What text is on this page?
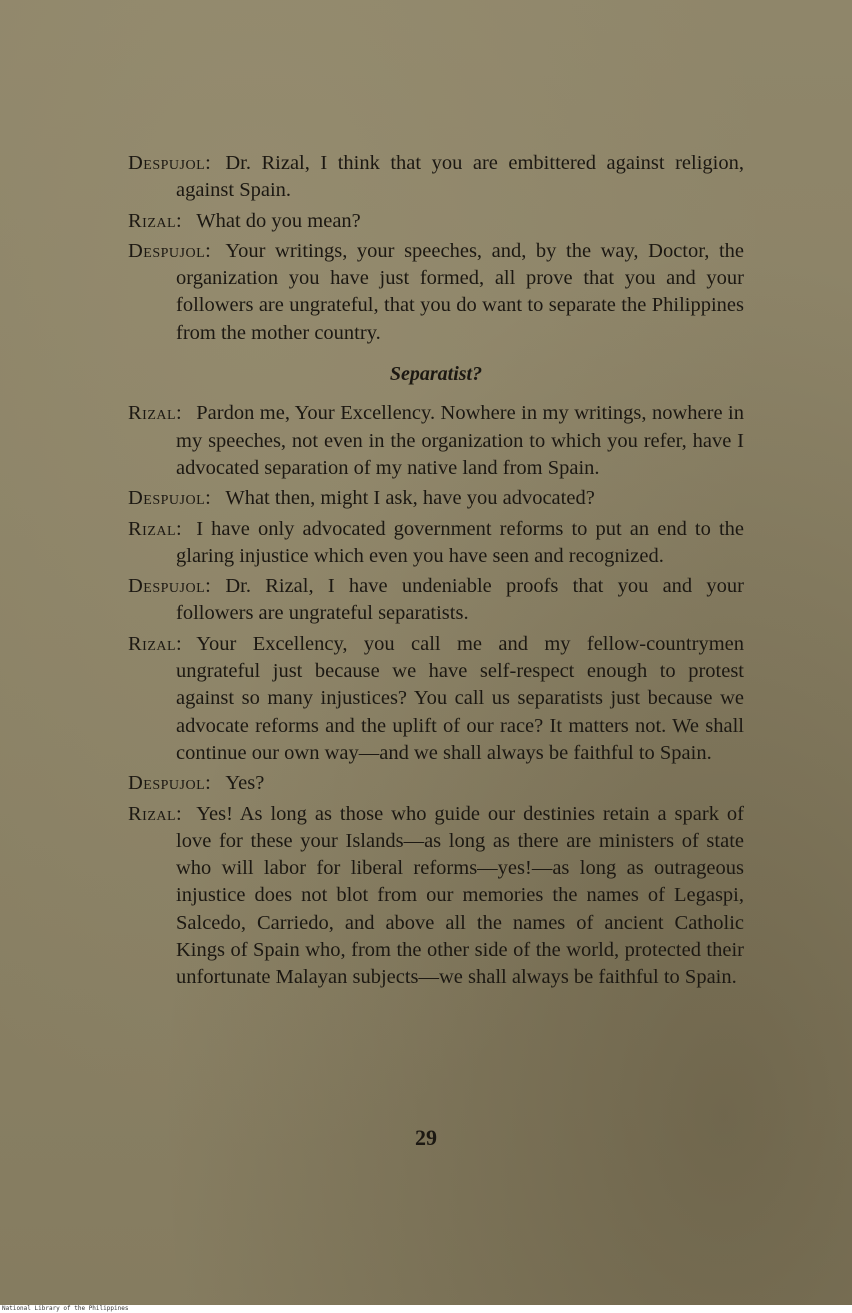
Despujol: Dr. Rizal, I think that you are embittered against religion, against Spain.

Rizal: What do you mean?

Despujol: Your writings, your speeches, and, by the way, Doctor, the organization you have just formed, all prove that you and your followers are ungrateful, that you do want to separate the Philippines from the mother country.

Separatist?

Rizal: Pardon me, Your Excellency. Nowhere in my writings, nowhere in my speeches, not even in the organization to which you refer, have I advocated separation of my native land from Spain.

Despujol: What then, might I ask, have you advocated?

Rizal: I have only advocated government reforms to put an end to the glaring injustice which even you have seen and recognized.

Despujol: Dr. Rizal, I have undeniable proofs that you and your followers are ungrateful separatists.

Rizal: Your Excellency, you call me and my fellow-countrymen ungrateful just because we have self-respect enough to protest against so many injustices? You call us separatists just because we advocate reforms and the uplift of our race? It matters not. We shall continue our own way—and we shall always be faithful to Spain.

Despujol: Yes?

Rizal: Yes! As long as those who guide our destinies retain a spark of love for these your Islands—as long as there are ministers of state who will labor for liberal reforms—yes!—as long as outrageous injustice does not blot from our memories the names of Legaspi, Salcedo, Carriedo, and above all the names of ancient Catholic Kings of Spain who, from the other side of the world, protected their unfortunate Malayan subjects—we shall always be faithful to Spain.

29
National Library of the Philippines
